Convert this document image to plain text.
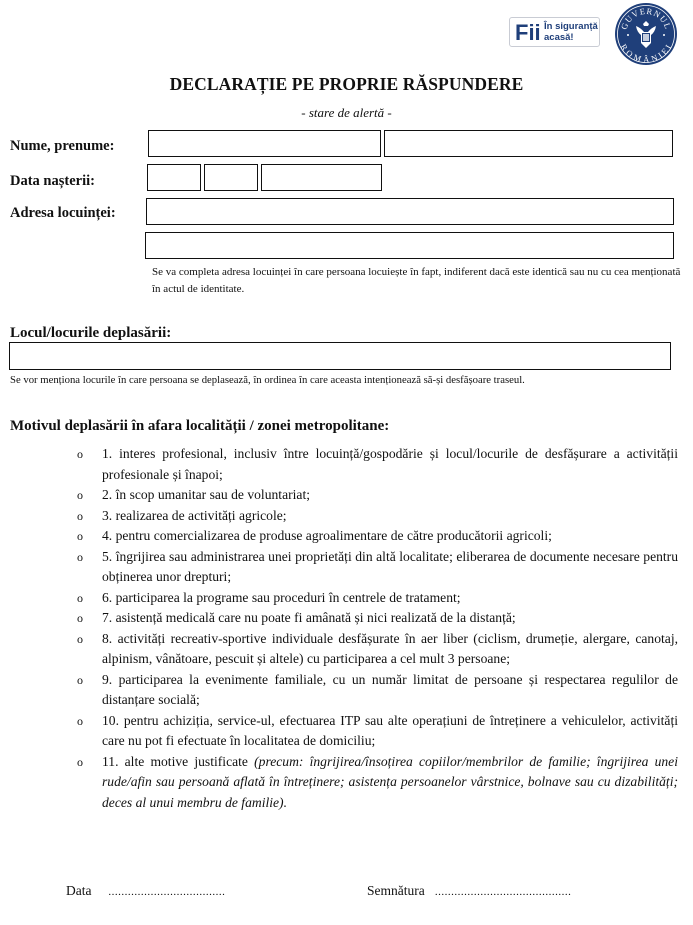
Fii În siguranță
acasă!
GUVERNUL
ROMÂNIEI
DECLARAȚIE PE PROPRIE RĂSPUNDERE
- stare de alertă -
Nume, prenume:
Data nașterii:
Adresa locuinței:
Se va completa adresa locuinței în care persoana locuiește în fapt, indiferent dacă este identică sau nu cu cea menționată în actul de identitate.
Locul/locurile deplasării:
Se vor menționa locurile în care persoana se deplasează, în ordinea în care aceasta intenționează să-și desfășoare traseul.
Motivul deplasării în afara localității / zonei metropolitane:
o 1. interes profesional, inclusiv între locuință/gospodărie și locul/locurile de desfășurare a activității profesionale și înapoi;
o 2. în scop umanitar sau de voluntariat;
o 3. realizarea de activități agricole;
o 4. pentru comercializarea de produse agroalimentare de către producătorii agricoli;
o 5. îngrijirea sau administrarea unei proprietăți din altă localitate; eliberarea de documente necesare pentru obținerea unor drepturi;
o 6. participarea la programe sau proceduri în centrele de tratament;
o 7. asistență medicală care nu poate fi amânată și nici realizată de la distanță;
o 8. activități recreativ-sportive individuale desfășurate în aer liber (ciclism, drumeție, alergare, canotaj, alpinism, vânătoare, pescuit și altele) cu participarea a cel mult 3 persoane;
o 9. participarea la evenimente familiale, cu un număr limitat de persoane și respectarea regulilor de distanțare socială;
o 10. pentru achiziția, service-ul, efectuarea ITP sau alte operațiuni de întreținere a vehiculelor, activități care nu pot fi efectuate în localitatea de domiciliu;
o 11. alte motive justificate (precum: îngrijirea/însoțirea copiilor/membrilor de familie; îngrijirea unei rude/afin sau persoană aflată în întreținere; asistența persoanelor vârstnice, bolnave sau cu dizabilități; deces al unui membru de familie).
Data ....................................	Semnătura ..........................................
